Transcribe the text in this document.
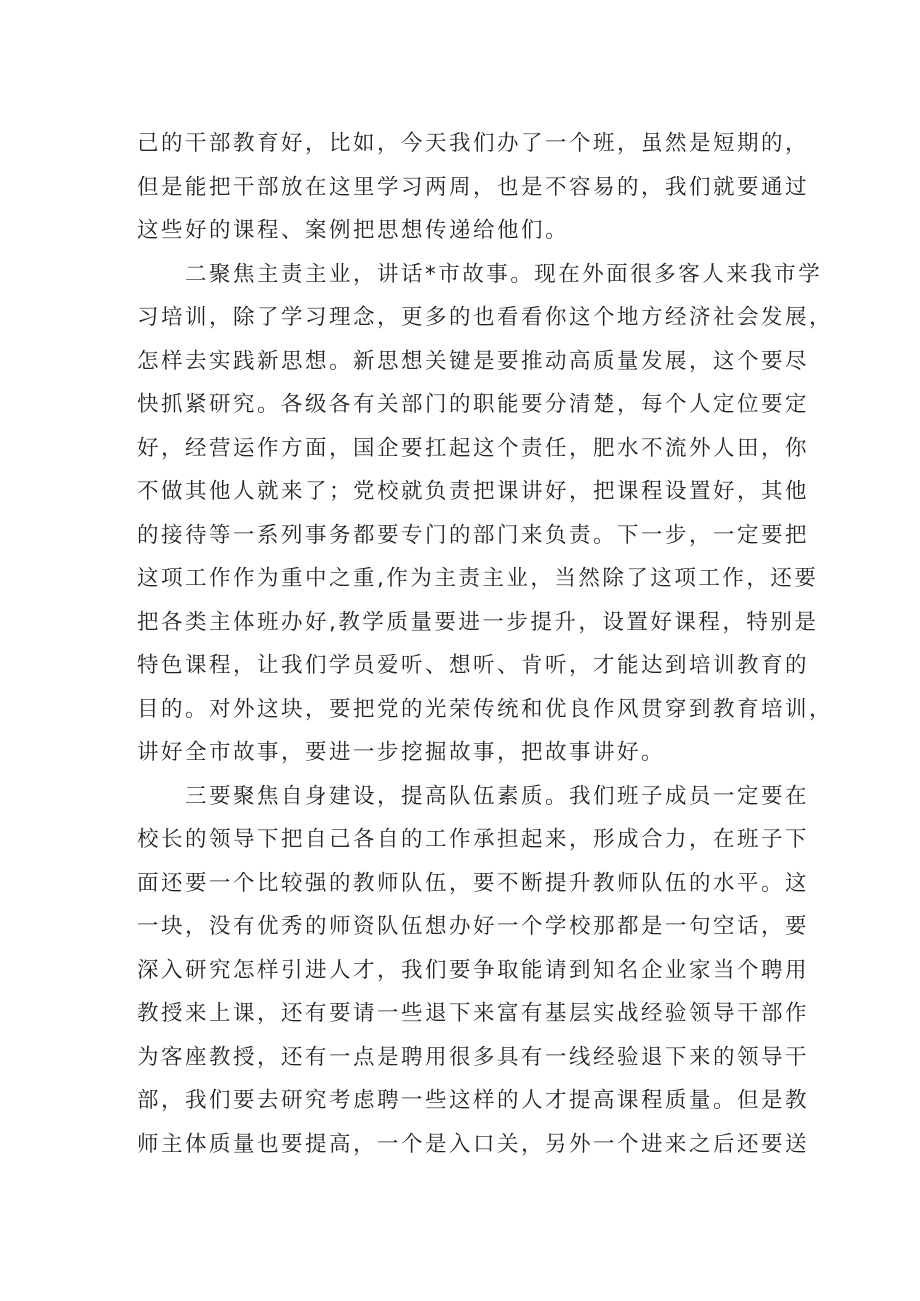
己的干部教育好，比如，今天我们办了一个班，虽然是短期的，
但是能把干部放在这里学习两周，也是不容易的，我们就要通过
这些好的课程、案例把思想传递给他们。
二聚焦主责主业，讲话*市故事。现在外面很多客人来我市学
习培训，除了学习理念，更多的也看看你这个地方经济社会发展，
怎样去实践新思想。新思想关键是要推动高质量发展，这个要尽
快抓紧研究。各级各有关部门的职能要分清楚，每个人定位要定
好，经营运作方面，国企要扛起这个责任，肥水不流外人田，你
不做其他人就来了；党校就负责把课讲好，把课程设置好，其他
的接待等一系列事务都要专门的部门来负责。下一步，一定要把
这项工作作为重中之重,作为主责主业，当然除了这项工作，还要
把各类主体班办好,教学质量要进一步提升，设置好课程，特别是
特色课程，让我们学员爱听、想听、肯听，才能达到培训教育的
目的。对外这块，要把党的光荣传统和优良作风贯穿到教育培训，
讲好全市故事，要进一步挖掘故事，把故事讲好。
三要聚焦自身建设，提高队伍素质。我们班子成员一定要在
校长的领导下把自己各自的工作承担起来，形成合力，在班子下
面还要一个比较强的教师队伍，要不断提升教师队伍的水平。这
一块，没有优秀的师资队伍想办好一个学校那都是一句空话，要
深入研究怎样引进人才，我们要争取能请到知名企业家当个聘用
教授来上课，还有要请一些退下来富有基层实战经验领导干部作
为客座教授，还有一点是聘用很多具有一线经验退下来的领导干
部，我们要去研究考虑聘一些这样的人才提高课程质量。但是教
师主体质量也要提高，一个是入口关，另外一个进来之后还要送
